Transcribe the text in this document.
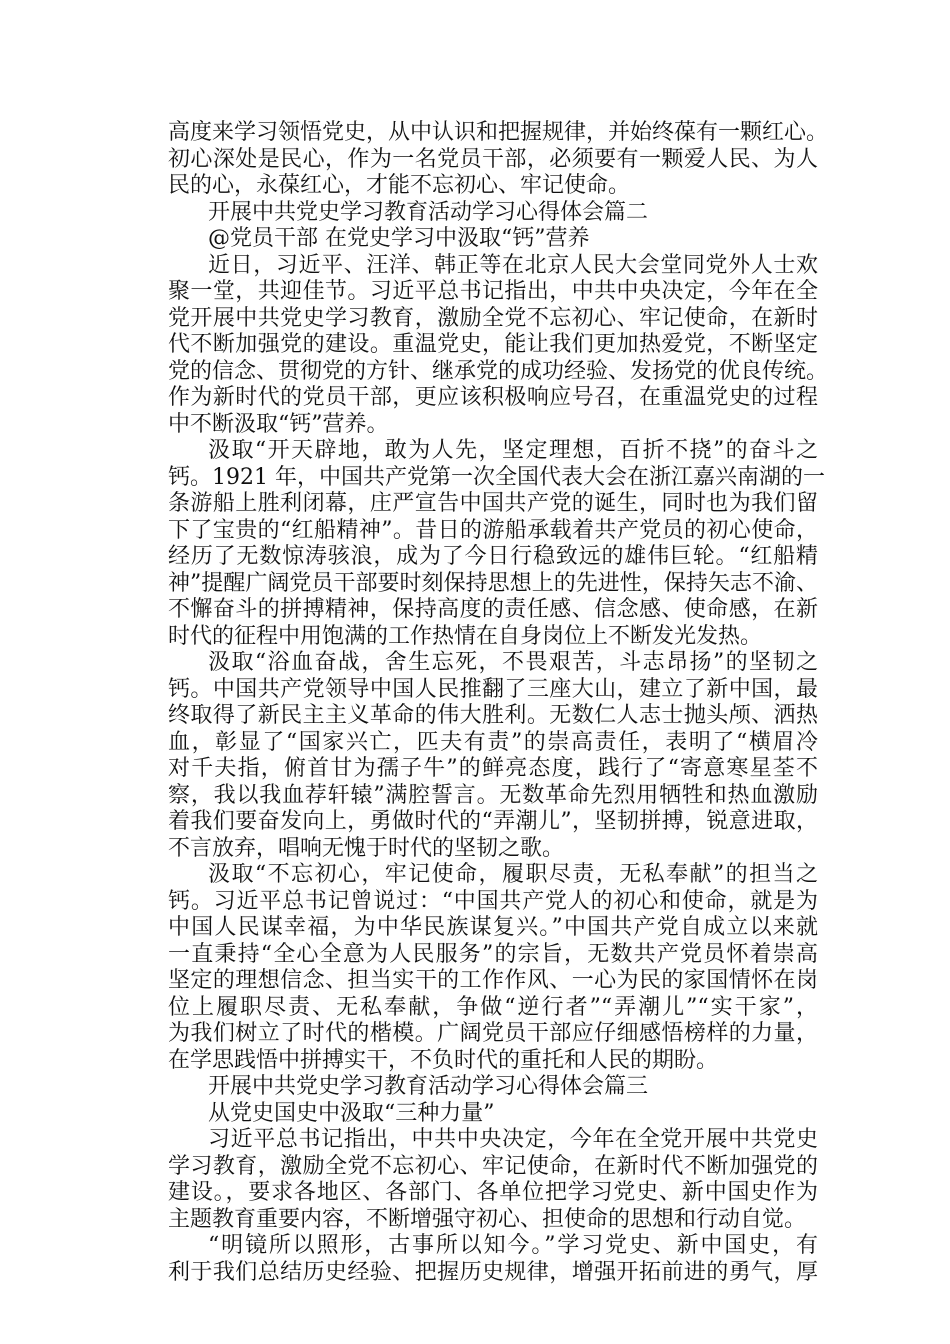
高度来学习领悟党史，从中认识和把握规律，并始终葆有一颗红心。
初心深处是民心，作为一名党员干部，必须要有一颗爱人民、为人
民的心，永葆红心，才能不忘初心、牢记使命。
开展中共党史学习教育活动学习心得体会篇二
@党员干部 在党史学习中汲取“钙”营养
近日，习近平、汪洋、韩正等在北京人民大会堂同党外人士欢
聚一堂，共迎佳节。习近平总书记指出，中共中央决定，今年在全
党开展中共党史学习教育，激励全党不忘初心、牢记使命，在新时
代不断加强党的建设。重温党史，能让我们更加热爱党，不断坚定
党的信念、贯彻党的方针、继承党的成功经验、发扬党的优良传统。
作为新时代的党员干部，更应该积极响应号召，在重温党史的过程
中不断汲取“钙”营养。
汲取“开天辟地，敢为人先，坚定理想，百折不挠”的奋斗之
钙。1921 年，中国共产党第一次全国代表大会在浙江嘉兴南湖的一
条游船上胜利闭幕，庄严宣告中国共产党的诞生，同时也为我们留
下了宝贵的“红船精神”。昔日的游船承载着共产党员的初心使命，
经历了无数惊涛骇浪，成为了今日行稳致远的雄伟巨轮。“红船精
神”提醒广阔党员干部要时刻保持思想上的先进性，保持矢志不渝、
不懈奋斗的拼搏精神，保持高度的责任感、信念感、使命感，在新
时代的征程中用饱满的工作热情在自身岗位上不断发光发热。
汲取“浴血奋战，舍生忘死，不畏艰苦，斗志昂扬”的坚韧之
钙。中国共产党领导中国人民推翻了三座大山，建立了新中国，最
终取得了新民主主义革命的伟大胜利。无数仁人志士抛头颅、洒热
血，彰显了“国家兴亡，匹夫有责”的崇高责任，表明了“横眉冷
对千夫指，俯首甘为孺子牛”的鲜亮态度，践行了“寄意寒星荃不
察，我以我血荐轩辕”满腔誓言。无数革命先烈用牺牲和热血激励
着我们要奋发向上，勇做时代的“弄潮儿”，坚韧拼搏，锐意进取，
不言放弃，唱响无愧于时代的坚韧之歌。
汲取“不忘初心，牢记使命，履职尽责，无私奉献”的担当之
钙。习近平总书记曾说过：“中国共产党人的初心和使命，就是为
中国人民谋幸福，为中华民族谋复兴。”中国共产党自成立以来就
一直秉持“全心全意为人民服务”的宗旨，无数共产党员怀着崇高
坚定的理想信念、担当实干的工作作风、一心为民的家国情怀在岗
位上履职尽责、无私奉献，争做“逆行者”“弄潮儿”“实干家”，
为我们树立了时代的楷模。广阔党员干部应仔细感悟榜样的力量，
在学思践悟中拼搏实干，不负时代的重托和人民的期盼。
开展中共党史学习教育活动学习心得体会篇三
从党史国史中汲取“三种力量”
习近平总书记指出，中共中央决定，今年在全党开展中共党史
学习教育，激励全党不忘初心、牢记使命，在新时代不断加强党的
建设。，要求各地区、各部门、各单位把学习党史、新中国史作为
主题教育重要内容，不断增强守初心、担使命的思想和行动自觉。
“明镜所以照形，古事所以知今。”学习党史、新中国史，有
利于我们总结历史经验、把握历史规律，增强开拓前进的勇气，厚
